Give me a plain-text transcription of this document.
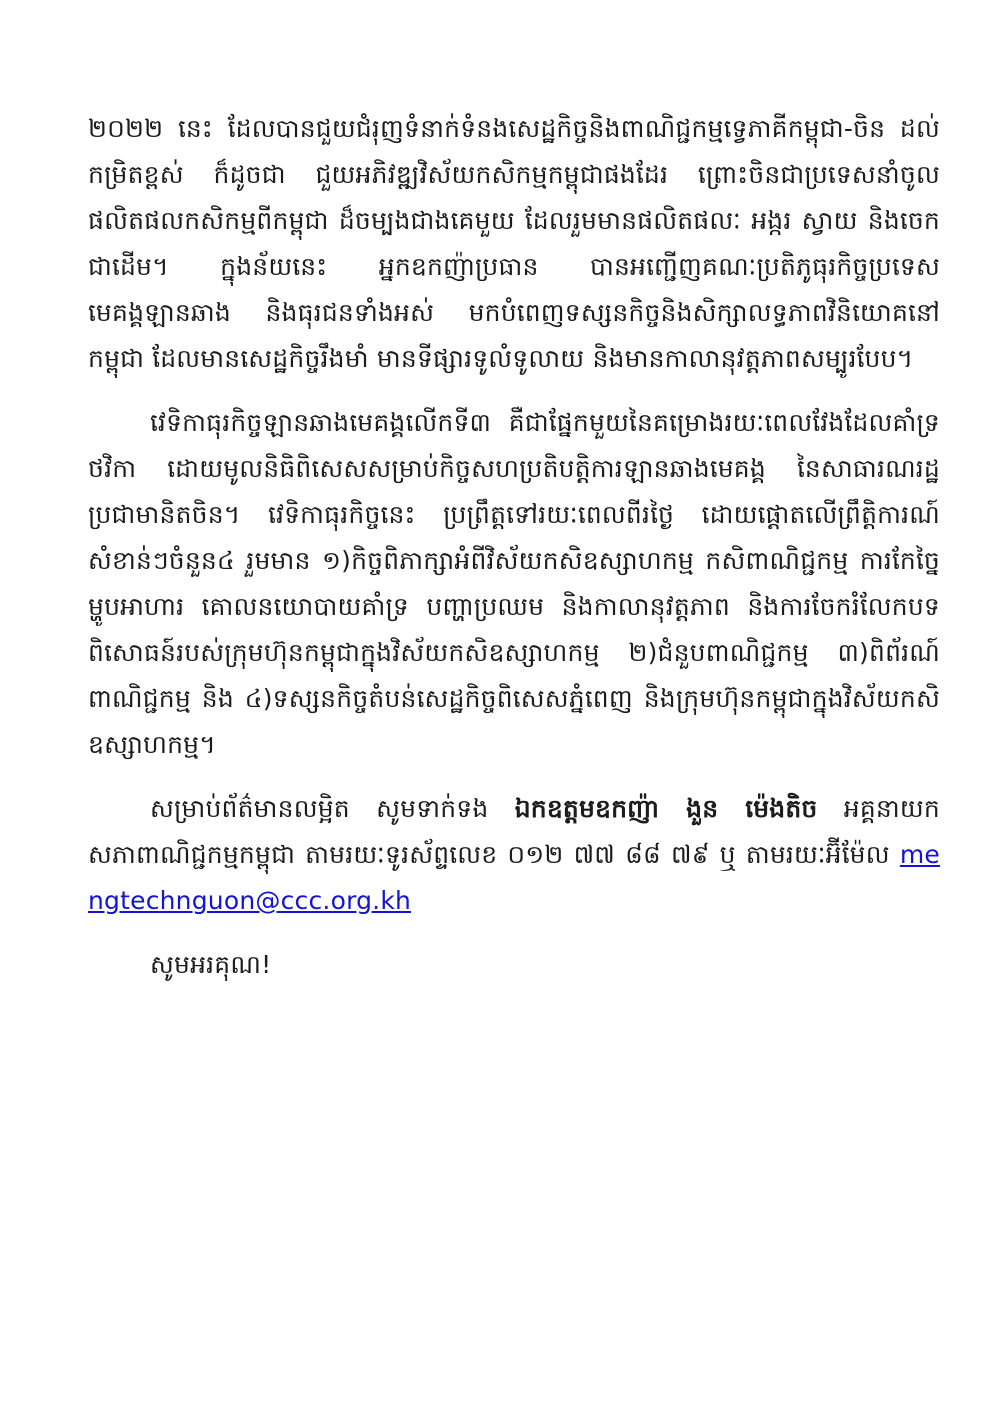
២០២២ នេះ ដែលបានជួយជំរុញទំនាក់ទំនងសេដ្ឋកិច្ចនិងពាណិជ្ជកម្មទ្វេភាគីកម្ពុជា-ចិន ដល់កម្រិតខ្ពស់ ក៏ដូចជា ជួយអភិវឌ្ឍវិស័យកសិកម្មកម្ពុជាផងដែរ ព្រោះចិនជាប្រទេសនាំចូលផលិតផលកសិកម្មពីកម្ពុជា ដ៏ចម្បងជាងគេមួយ ដែលរួមមានផលិតផលៈ អង្ករ ស្វាយ និងចេកជាដើម។ ក្នុងន័យនេះ អ្នកឧកញ៉ាប្រធាន បានអញ្ជើញគណៈប្រតិភូធុរកិច្ចប្រទេសមេគង្គឡានឆាង និងធុរជនទាំងអស់ មកបំពេញទស្សនកិច្ចនិងសិក្សាលទ្ធភាពវិនិយោគនៅកម្ពុជា ដែលមានសេដ្ឋកិច្ចរឹងមាំ មានទីផ្សារទូលំទូលាយ និងមានកាលានុវត្តភាពសម្បូរបែប។

វេទិកាធុរកិច្ចឡានឆាងមេគង្គលើកទី៣ គឺជាផ្នែកមួយនៃគម្រោងរយៈពេលវែងដែលគាំទ្រថវិកា ដោយមូលនិធិពិសេសសម្រាប់កិច្ចសហប្រតិបត្តិការឡានឆាងមេគង្គ នៃសាធារណរដ្ឋប្រជាមានិតចិន។ វេទិកាធុរកិច្ចនេះ ប្រព្រឹត្តទៅរយៈពេលពីរថ្ងៃ ដោយផ្តោតលើព្រឹត្តិការណ៍សំខាន់ៗចំនួន៤ រួមមាន ១)កិច្ចពិភាក្សាអំពីវិស័យកសិឧស្សាហកម្ម កសិពាណិជ្ជកម្ម ការកែច្នៃម្ហូបអាហារ គោលនយោបាយគាំទ្រ បញ្ហាប្រឈម និងកាលានុវត្តភាព និងការចែករំលែកបទពិសោធន៍របស់ក្រុមហ៊ុនកម្ពុជាក្នុងវិស័យកសិឧស្សាហកម្ម ២)ជំនួបពាណិជ្ជកម្ម ៣)ពិព័រណ៍ពាណិជ្ជកម្ម និង ៤)ទស្សនកិច្ចតំបន់សេដ្ឋកិច្ចពិសេសភ្នំពេញ និងក្រុមហ៊ុនកម្ពុជាក្នុងវិស័យកសិឧស្សាហកម្ម។

សម្រាប់ព័ត៌មានលម្អិត សូមទាក់ទង ឯកឧត្តមឧកញ៉ា ងួន ម៉េងតិច អគ្គនាយកសភាពាណិជ្ជកម្មកម្ពុជា តាមរយៈទូរស័ព្ទលេខ ០១២ ៧៧ ៨៨ ៧៩ ឬ តាមរយៈអ៊ីម៉ែល mengtechnguon@ccc.org.kh

សូមអរគុណ!
